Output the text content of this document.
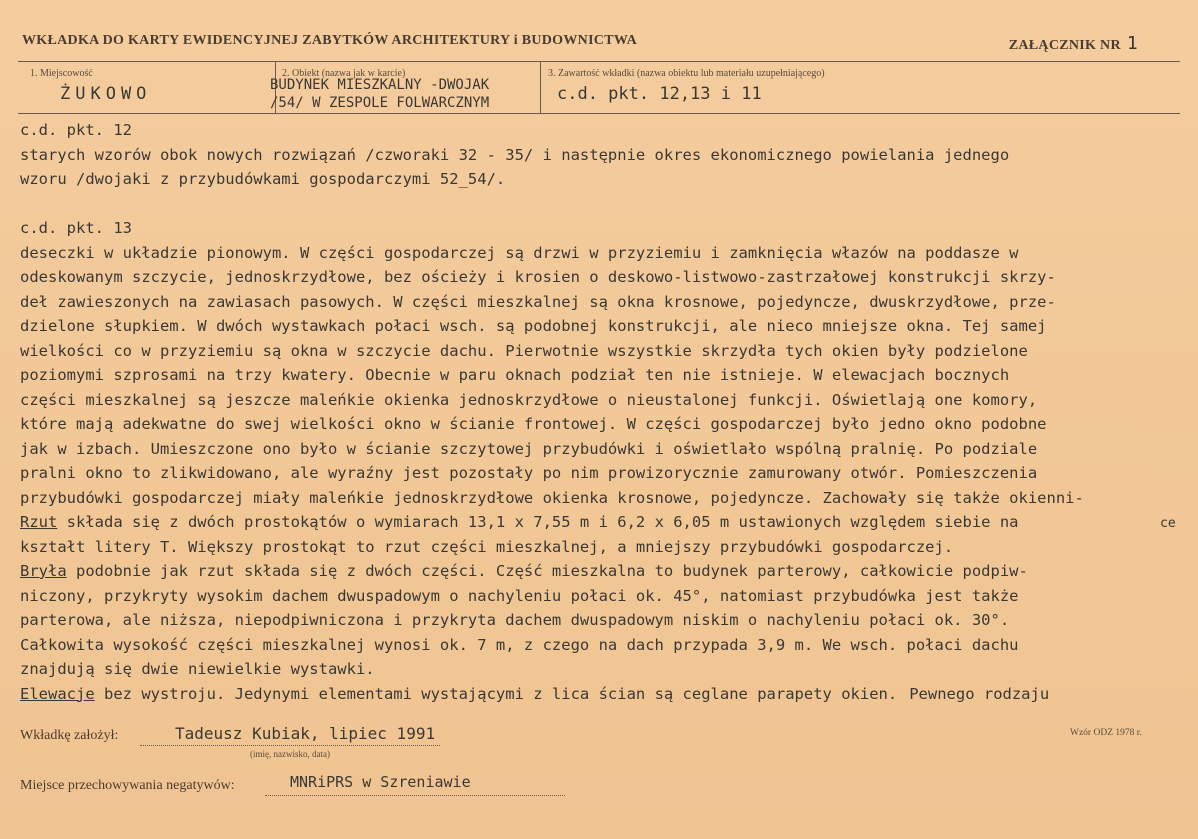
WKŁADKA DO KARTY EWIDENCYJNEJ ZABYTKÓW ARCHITEKTURY i BUDOWNICTWA	ZAŁĄCZNIK NR 1
1. Miejscowość
ŻUKOWO
2. Obiekt (nazwa jak w karcie)
BUDYNEK MIESZKALNY -DWOJAK
/54/ W ZESPOLE FOLWARCZNYM
3. Zawartość wkładki (nazwa obiektu lub materiału uzupełniającego)
c.d. pkt. 12,13 i 11
c.d. pkt. 12
starych wzorów obok nowych rozwiązań /czworaki 32 - 35/ i następnie okres ekonomicznego powielania jednego
wzoru /dwojaki z przybudówkami gospodarczymi 52_54/.
c.d. pkt. 13
deseczki w układzie pionowym. W części gospodarczej są drzwi w przyziemiu i zamknięcia włazów na poddasze w
odeskowanym szczycie, jednoskrzydłowe, bez ościeży i krosien o deskowo-listwowo-zastrzałowej konstrukcji skrzy-
deł zawieszonych na zawiasach pasowych. W części mieszkalnej są okna krosnowe, pojedyncze, dwuskrzydłowe, prze-
dzielone słupkiem. W dwóch wystawkach połaci wsch. są podobnej konstrukcji, ale nieco mniejsze okna. Tej samej
wielkości co w przyziemiu są okna w szczycie dachu. Pierwotnie wszystkie skrzydła tych okien były podzielone
poziomymi szprosami na trzy kwatery. Obecnie w paru oknach podział ten nie istnieje. W elewacjach bocznych
części mieszkalnej są jeszcze maleńkie okienka jednoskrzydłowe o nieustalonej funkcji. Oświetlają one komory,
które mają adekwatne do swej wielkości okno w ścianie frontowej. W części gospodarczej było jedno okno podobne
jak w izbach. Umieszczone ono było w ścianie szczytowej przybudówki i oświetlało wspólną pralnię. Po podziale
pralni okno to zlikwidowano, ale wyraźny jest pozostały po nim prowizorycznie zamurowany otwór. Pomieszczenia
przybudówki gospodarczej miały maleńkie jednoskrzydłowe okienka krosnowe, pojedyncze. Zachowały się także okienni-
Rzut składa się z dwóch prostokątów o wymiarach 13,1 x 7,55 m i 6,2 x 6,05 m ustawionych względem siebie na
kształt litery T. Większy prostokąt to rzut części mieszkalnej, a mniejszy przybudówki gospodarczej.
Bryła podobnie jak rzut składa się z dwóch części. Część mieszkalna to budynek parterowy, całkowicie podpiw-
niczony, przykryty wysokim dachem dwuspadowym o nachyleniu połaci ok. 45°, natomiast przybudówka jest także
parterowa, ale niższa, niepodpiwniczona i przykryta dachem dwuspadowym niskim o nachyleniu połaci ok. 30°.
Całkowita wysokość części mieszkalnej wynosi ok. 7 m, z czego na dach przypada 3,9 m. We wsch. połaci dachu
znajdują się dwie niewielkie wystawki.
Elewacje bez wystroju. Jedynymi elementami wystającymi z lica ścian są ceglane parapety okien. Pewnego rodzaju
ce
Wkładkę założył:	Tadeusz Kubiak, lipiec 1991
(imię, nazwisko, data)
Wzór ODZ 1978 r.
Miejsce przechowywania negatywów:	MNRiPRS w Szreniawie
